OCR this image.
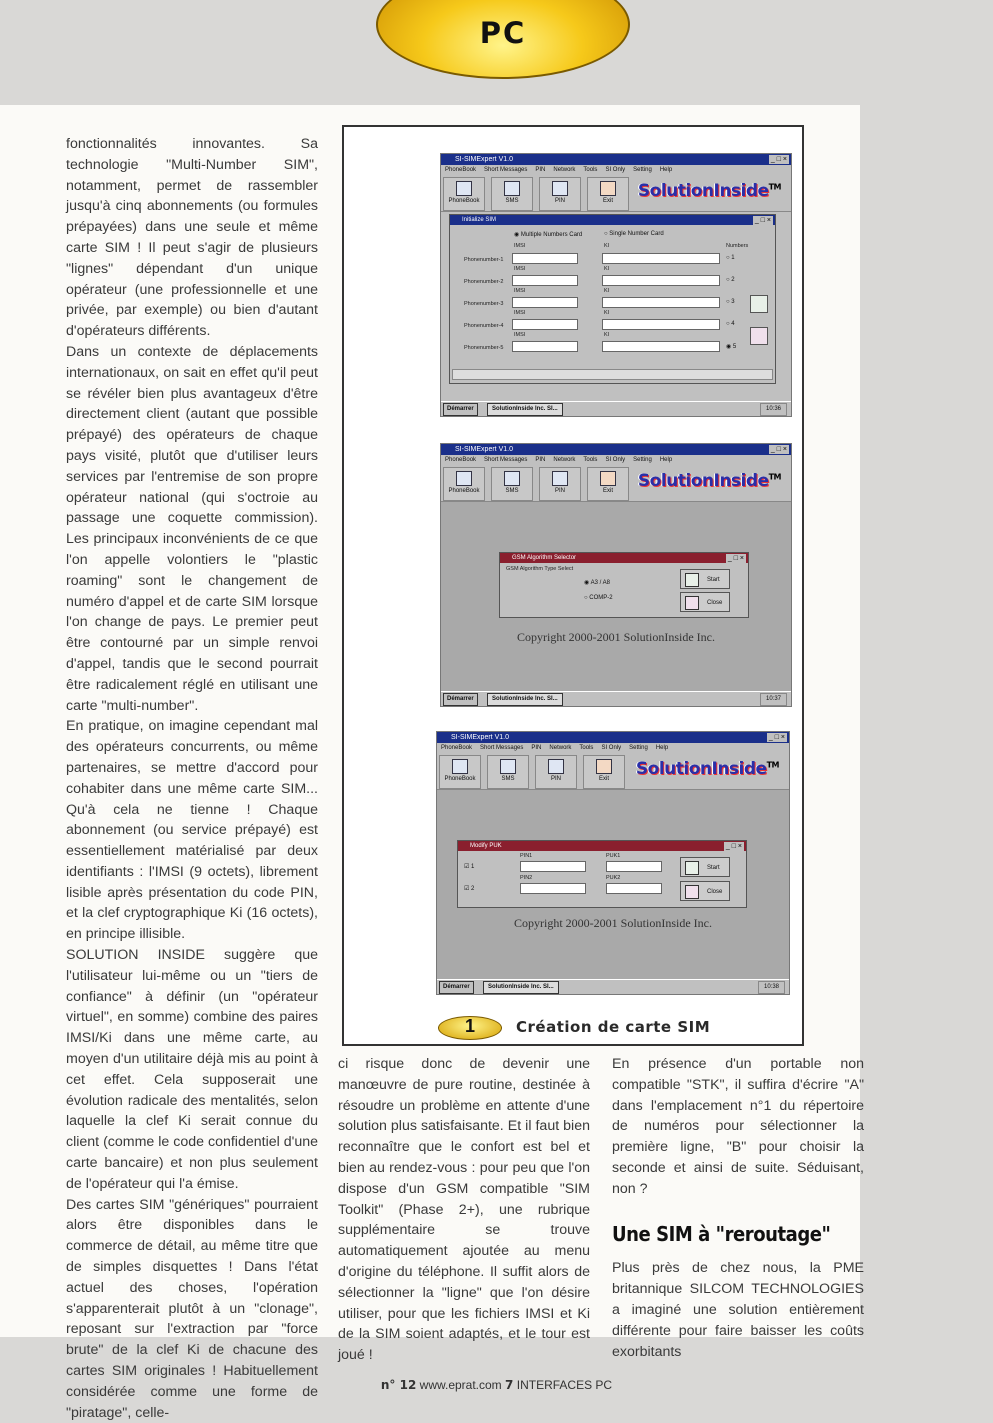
PC

fonctionnalités innovantes. Sa technologie "Multi-Number SIM", notamment, permet de rassembler jusqu'à cinq abonnements (ou formules prépayées) dans une seule et même carte SIM ! Il peut s'agir de plusieurs "lignes" dépendant d'un unique opérateur (une professionnelle et une privée, par exemple) ou bien d'autant d'opérateurs différents.

Dans un contexte de déplacements internationaux, on sait en effet qu'il peut se révéler bien plus avantageux d'être directement client (autant que possible prépayé) des opérateurs de chaque pays visité, plutôt que d'utiliser leurs services par l'entremise de son propre opérateur national (qui s'octroie au passage une coquette commission). Les principaux inconvénients de ce que l'on appelle volontiers le "plastic roaming" sont le changement de numéro d'appel et de carte SIM lorsque l'on change de pays. Le premier peut être contourné par un simple renvoi d'appel, tandis que le second pourrait être radicalement réglé en utilisant une carte "multi-number".

En pratique, on imagine cependant mal des opérateurs concurrents, ou même partenaires, se mettre d'accord pour cohabiter dans une même carte SIM... Qu'à cela ne tienne ! Chaque abonnement (ou service prépayé) est essentiellement matérialisé par deux identifiants : l'IMSI (9 octets), librement lisible après présentation du code PIN, et la clef cryptographique Ki (16 octets), en principe illisible.

SOLUTION INSIDE suggère que l'utilisateur lui-même ou un "tiers de confiance" à définir (un "opérateur virtuel", en somme) combine des paires IMSI/Ki dans une même carte, au moyen d'un utilitaire déjà mis au point à cet effet. Cela supposerait une évolution radicale des mentalités, selon laquelle la clef Ki serait connue du client (comme le code confidentiel d'une carte bancaire) et non plus seulement de l'opérateur qui l'a émise.

Des cartes SIM "génériques" pourraient alors être disponibles dans le commerce de détail, au même titre que de simples disquettes ! Dans l'état actuel des choses, l'opération s'apparenterait plutôt à un "clonage", reposant sur l'extraction par "force brute" de la clef Ki de chacune des cartes SIM originales ! Habituellement considérée comme une forme de "piratage", celle-

SI-SIMExpert V1.0	_ □ ×
PhoneBook Short Messages PIN Network Tools SI Only Setting Help
PhoneBook	SMS	PIN	Exit	SolutionInside™
Initialize SIM	_ □ ×
◉ Multiple Numbers Card	○ Single Number Card
Numbers
IMSI	KI
Phonenumber-1	○ 1
IMSI	KI
Phonenumber-2	○ 2
IMSI	KI
Phonenumber-3	○ 3
IMSI	KI
Phonenumber-4	○ 4
IMSI	KI
Phonenumber-5	◉ 5
Démarrer	SolutionInside Inc. SI...	10:36
SI-SIMExpert V1.0	_ □ ×
PhoneBook Short Messages PIN Network Tools SI Only Setting Help
PhoneBook	SMS	PIN	Exit	SolutionInside™
Copyright 2000-2001 SolutionInside Inc.
GSM Algorithm Selector	_ □ ×
GSM Algorithm Type Select
◉ A3 / A8
○ COMP-2
Start
Close
Démarrer	SolutionInside Inc. SI...	10:37
SI-SIMExpert V1.0	_ □ ×
PhoneBook Short Messages PIN Network Tools SI Only Setting Help
PhoneBook	SMS	PIN	Exit	SolutionInside™
Copyright 2000-2001 SolutionInside Inc.
Modify PUK	_ □ ×
☑ 1
☑ 2
PIN1	PUK1
PIN2	PUK2
Start
Close
Démarrer	SolutionInside Inc. SI...	10:38
1	Création de carte SIM

ci risque donc de devenir une manœuvre de pure routine, destinée à résoudre un problème en attente d'une solution plus satisfaisante. Et il faut bien reconnaître que le confort est bel et bien au rendez-vous : pour peu que l'on dispose d'un GSM compatible "SIM Toolkit" (Phase 2+), une rubrique supplémentaire se trouve automatiquement ajoutée au menu d'origine du téléphone. Il suffit alors de sélectionner la "ligne" que l'on désire utiliser, pour que les fichiers IMSI et Ki de la SIM soient adaptés, et le tour est joué !

En présence d'un portable non compatible "STK", il suffira d'écrire "A" dans l'emplacement n°1 du répertoire de numéros pour sélectionner la première ligne, "B" pour choisir la seconde et ainsi de suite. Séduisant, non ?

Une SIM à "reroutage"

Plus près de chez nous, la PME britannique SILCOM TECHNOLOGIES a imaginé une solution entièrement différente pour faire baisser les coûts exorbitants

n° 12 www.eprat.com 7 INTERFACES PC
